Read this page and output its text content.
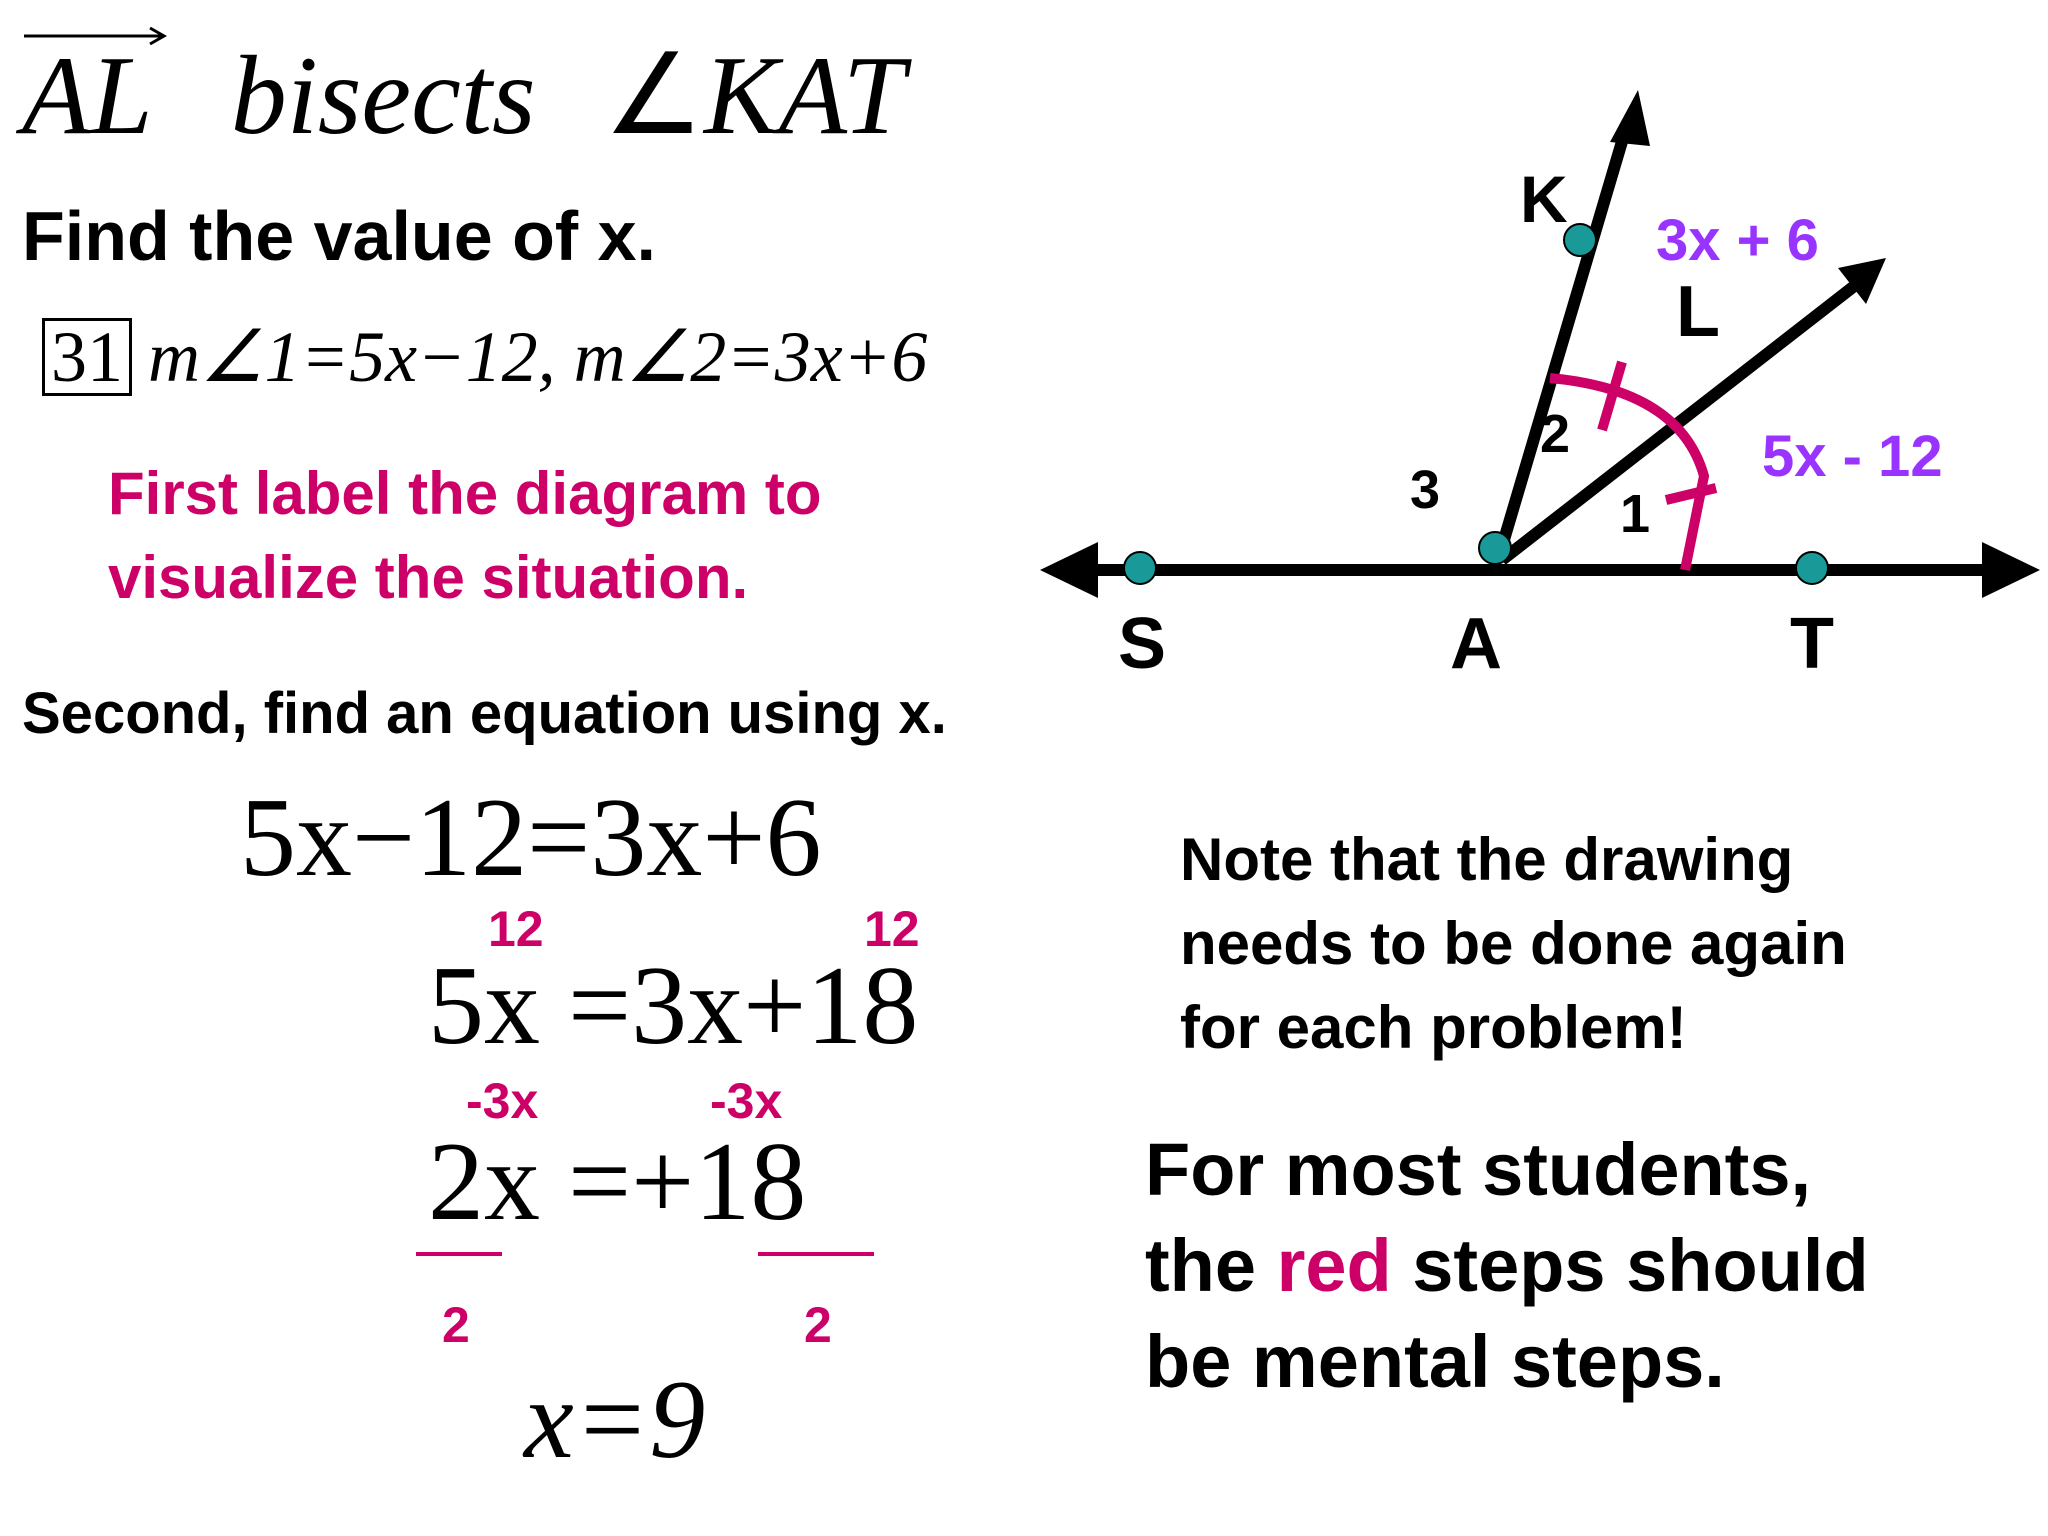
AL bisects ∠KAT
Find the value of x.
31 m∠1=5x−12, m∠2=3x+6
First label the diagram to
visualize the situation.
Second, find an equation using x.
5x−12=3x+6
12	12
5x =3x+18
-3x	-3x
2x =+18
2	2
x=9
Note that the drawing
needs to be done again
for each problem!
For most students,
the red steps should
be mental steps.
K
L
S	A	T
2
1
3
3x + 6
5x - 12
